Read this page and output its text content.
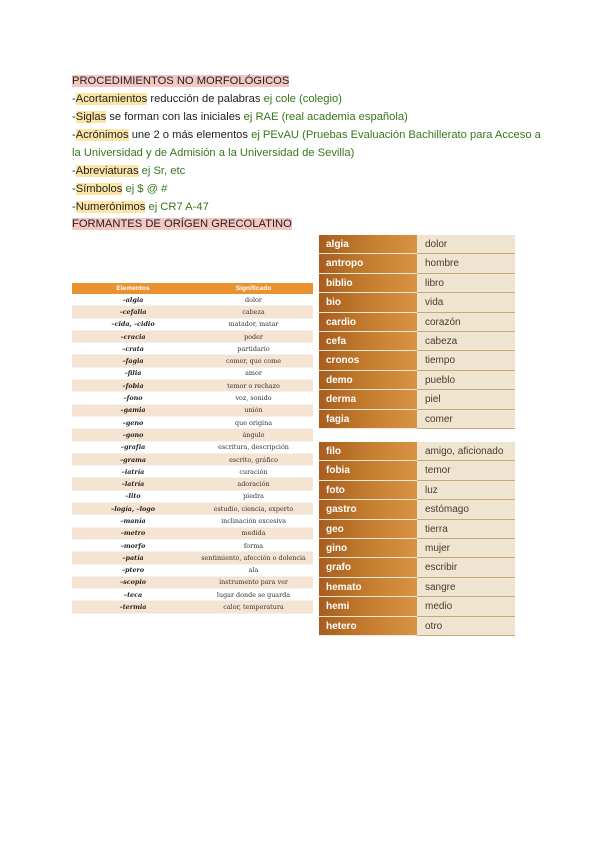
PROCEDIMIENTOS NO MORFOLÓGICOS
-Acortamientos reducción de palabras ej cole (colegio)
-Siglas se forman con las iniciales ej RAE (real academia española)
-Acrónimos une 2 o más elementos ej PEvAU (Pruebas Evaluación Bachillerato para Acceso a la Universidad y de Admisión a la Universidad de Sevilla)
-Abreviaturas ej Sr, etc
-Símbolos ej $ @ #
-Numerónimos ej CR7 A-47
FORMANTES DE ORÍGEN GRECOLATINO
Elementos	Significado
–algia	dolor
–cefalia	cabeza
–cida, –cidio	matador, matar
–cracia	poder
–crata	partidario
–fagia	comer, que come
–filia	amor
–fobia	temor o rechazo
–fono	voz, sonido
–gamia	unión
–geno	que origina
–gono	ángulo
–grafía	escritura, descripción
–grama	escrito, gráfico
–iatría	curación
–latría	adoración
–lito	piedra
–logía, –logo	estudio, ciencia, experto
–manía	inclinación excesiva
–metro	medida
–morfo	forma
–patía	sentimiento, afección o dolencia
–ptero	ala
–scopio	instrumento para ver
–teca	lugar donde se guarda
–termia	calor, temperatura
algia	dolor
antropo	hombre
biblio	libro
bio	vida
cardio	corazón
cefa	cabeza
cronos	tiempo
demo	pueblo
derma	piel
fagia	comer
filo	amigo, aficionado
fobia	temor
foto	luz
gastro	estómago
geo	tierra
gino	mujer
grafo	escribir
hemato	sangre
hemi	medio
hetero	otro
